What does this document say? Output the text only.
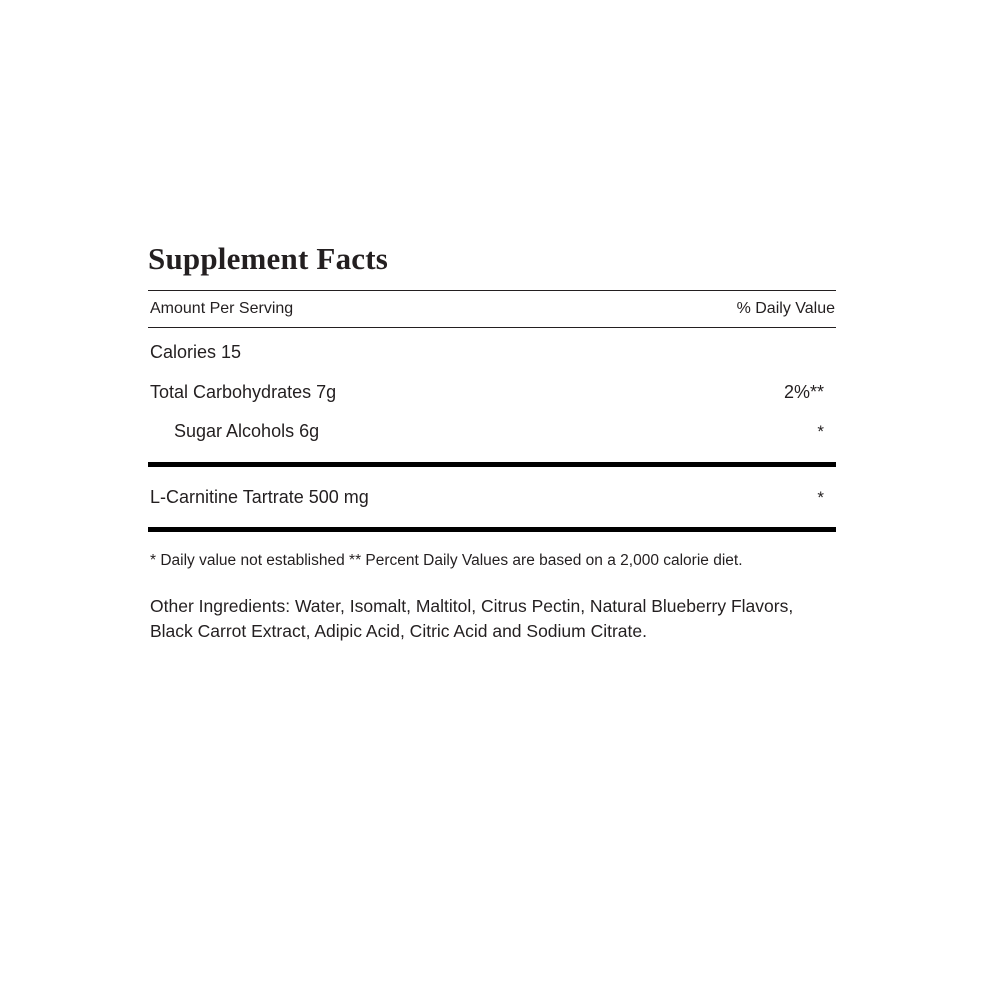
Supplement Facts
Amount Per Serving	% Daily Value
Calories 15
Total Carbohydrates 7g	2%**
Sugar Alcohols 6g	*
L-Carnitine Tartrate 500 mg	*
* Daily value not established ** Percent Daily Values are based on a 2,000 calorie diet.
Other Ingredients: Water, Isomalt, Maltitol, Citrus Pectin, Natural Blueberry Flavors, Black Carrot Extract, Adipic Acid, Citric Acid and Sodium Citrate.
